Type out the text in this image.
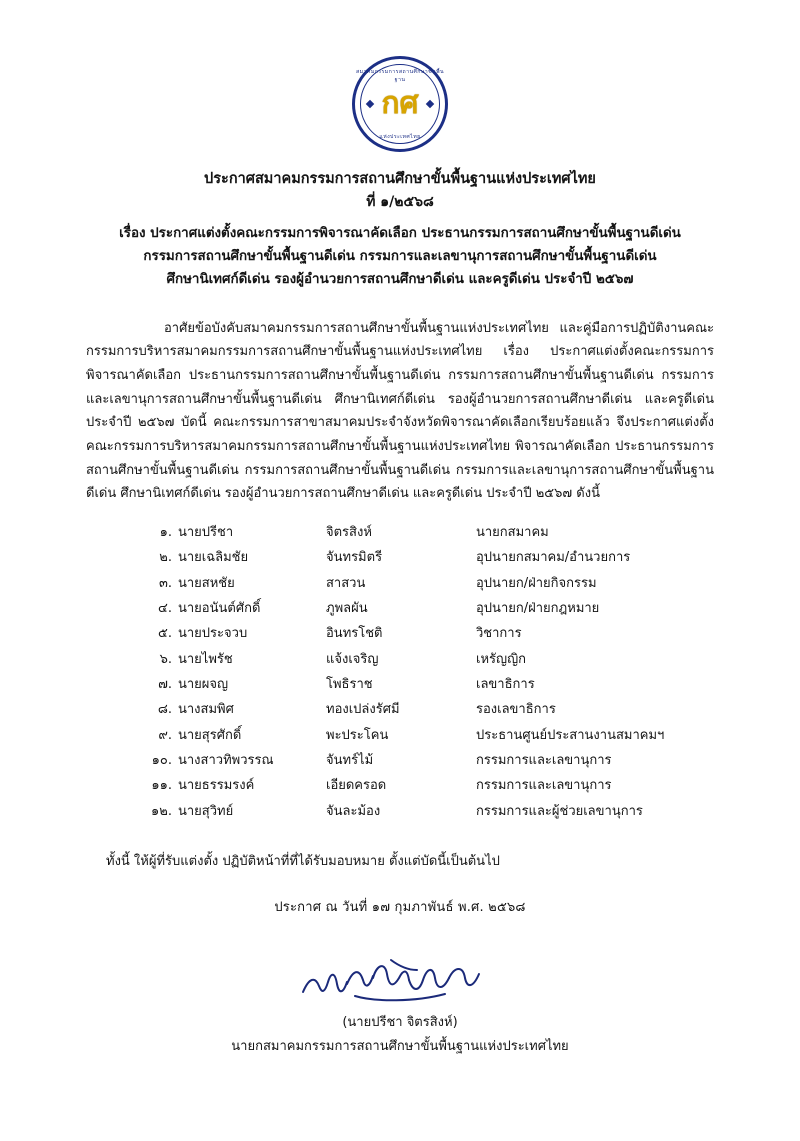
สมาคมกรรมการสถานศึกษาขั้นพื้นฐาน
แห่งประเทศไทย
กศ
ประกาศสมาคมกรรมการสถานศึกษาขั้นพื้นฐานแห่งประเทศไทย
ที่ ๑/๒๕๖๘
เรื่อง ประกาศแต่งตั้งคณะกรรมการพิจารณาคัดเลือก ประธานกรรมการสถานศึกษาขั้นพื้นฐานดีเด่น
กรรมการสถานศึกษาขั้นพื้นฐานดีเด่น กรรมการและเลขานุการสถานศึกษาขั้นพื้นฐานดีเด่น
ศึกษานิเทศก์ดีเด่น รองผู้อำนวยการสถานศึกษาดีเด่น และครูดีเด่น ประจำปี ๒๕๖๗

อาศัยข้อบังคับสมาคมกรรมการสถานศึกษาขั้นพื้นฐานแห่งประเทศไทย และคู่มือการปฏิบัติงานคณะกรรมการบริหารสมาคมกรรมการสถานศึกษาขั้นพื้นฐานแห่งประเทศไทย เรื่อง ประกาศแต่งตั้งคณะกรรมการพิจารณาคัดเลือก ประธานกรรมการสถานศึกษาขั้นพื้นฐานดีเด่น กรรมการสถานศึกษาขั้นพื้นฐานดีเด่น กรรมการและเลขานุการสถานศึกษาขั้นพื้นฐานดีเด่น ศึกษานิเทศก์ดีเด่น รองผู้อำนวยการสถานศึกษาดีเด่น และครูดีเด่นประจำปี ๒๕๖๗ บัดนี้ คณะกรรมการสาขาสมาคมประจำจังหวัดพิจารณาคัดเลือกเรียบร้อยแล้ว จึงประกาศแต่งตั้งคณะกรรมการบริหารสมาคมกรรมการสถานศึกษาขั้นพื้นฐานแห่งประเทศไทย พิจารณาคัดเลือก ประธานกรรมการสถานศึกษาขั้นพื้นฐานดีเด่น กรรมการสถานศึกษาขั้นพื้นฐานดีเด่น กรรมการและเลขานุการสถานศึกษาขั้นพื้นฐานดีเด่น ศึกษานิเทศก์ดีเด่น รองผู้อำนวยการสถานศึกษาดีเด่น และครูดีเด่น ประจำปี ๒๕๖๗ ดังนี้

๑.	นายปรีชา	จิตรสิงห์	นายกสมาคม
๒.	นายเฉลิมชัย	จันทรมิตรี	อุปนายกสมาคม/อำนวยการ
๓.	นายสหชัย	สาสวน	อุปนายก/ฝ่ายกิจกรรม
๔.	นายอนันต์ศักดิ์	ภูพลผัน	อุปนายก/ฝ่ายกฎหมาย
๕.	นายประจวบ	อินทรโชติ	วิชาการ
๖.	นายไพรัช	แจ้งเจริญ	เหรัญญิก
๗.	นายผจญ	โพธิราช	เลขาธิการ
๘.	นางสมพิศ	ทองเปล่งรัศมี	รองเลขาธิการ
๙.	นายสุรศักดิ์	พะประโคน	ประธานศูนย์ประสานงานสมาคมฯ
๑๐.	นางสาวทิพวรรณ	จันทร์ไม้	กรรมการและเลขานุการ
๑๑.	นายธรรมรงค์	เอียดครอด	กรรมการและเลขานุการ
๑๒.	นายสุวิทย์	จันละม้อง	กรรมการและผู้ช่วยเลขานุการ
ทั้งนี้ ให้ผู้ที่รับแต่งตั้ง ปฏิบัติหน้าที่ที่ได้รับมอบหมาย ตั้งแต่บัดนี้เป็นต้นไป
ประกาศ ณ วันที่ ๑๗ กุมภาพันธ์ พ.ศ. ๒๕๖๘
(นายปรีชา จิตรสิงห์)
นายกสมาคมกรรมการสถานศึกษาขั้นพื้นฐานแห่งประเทศไทย
